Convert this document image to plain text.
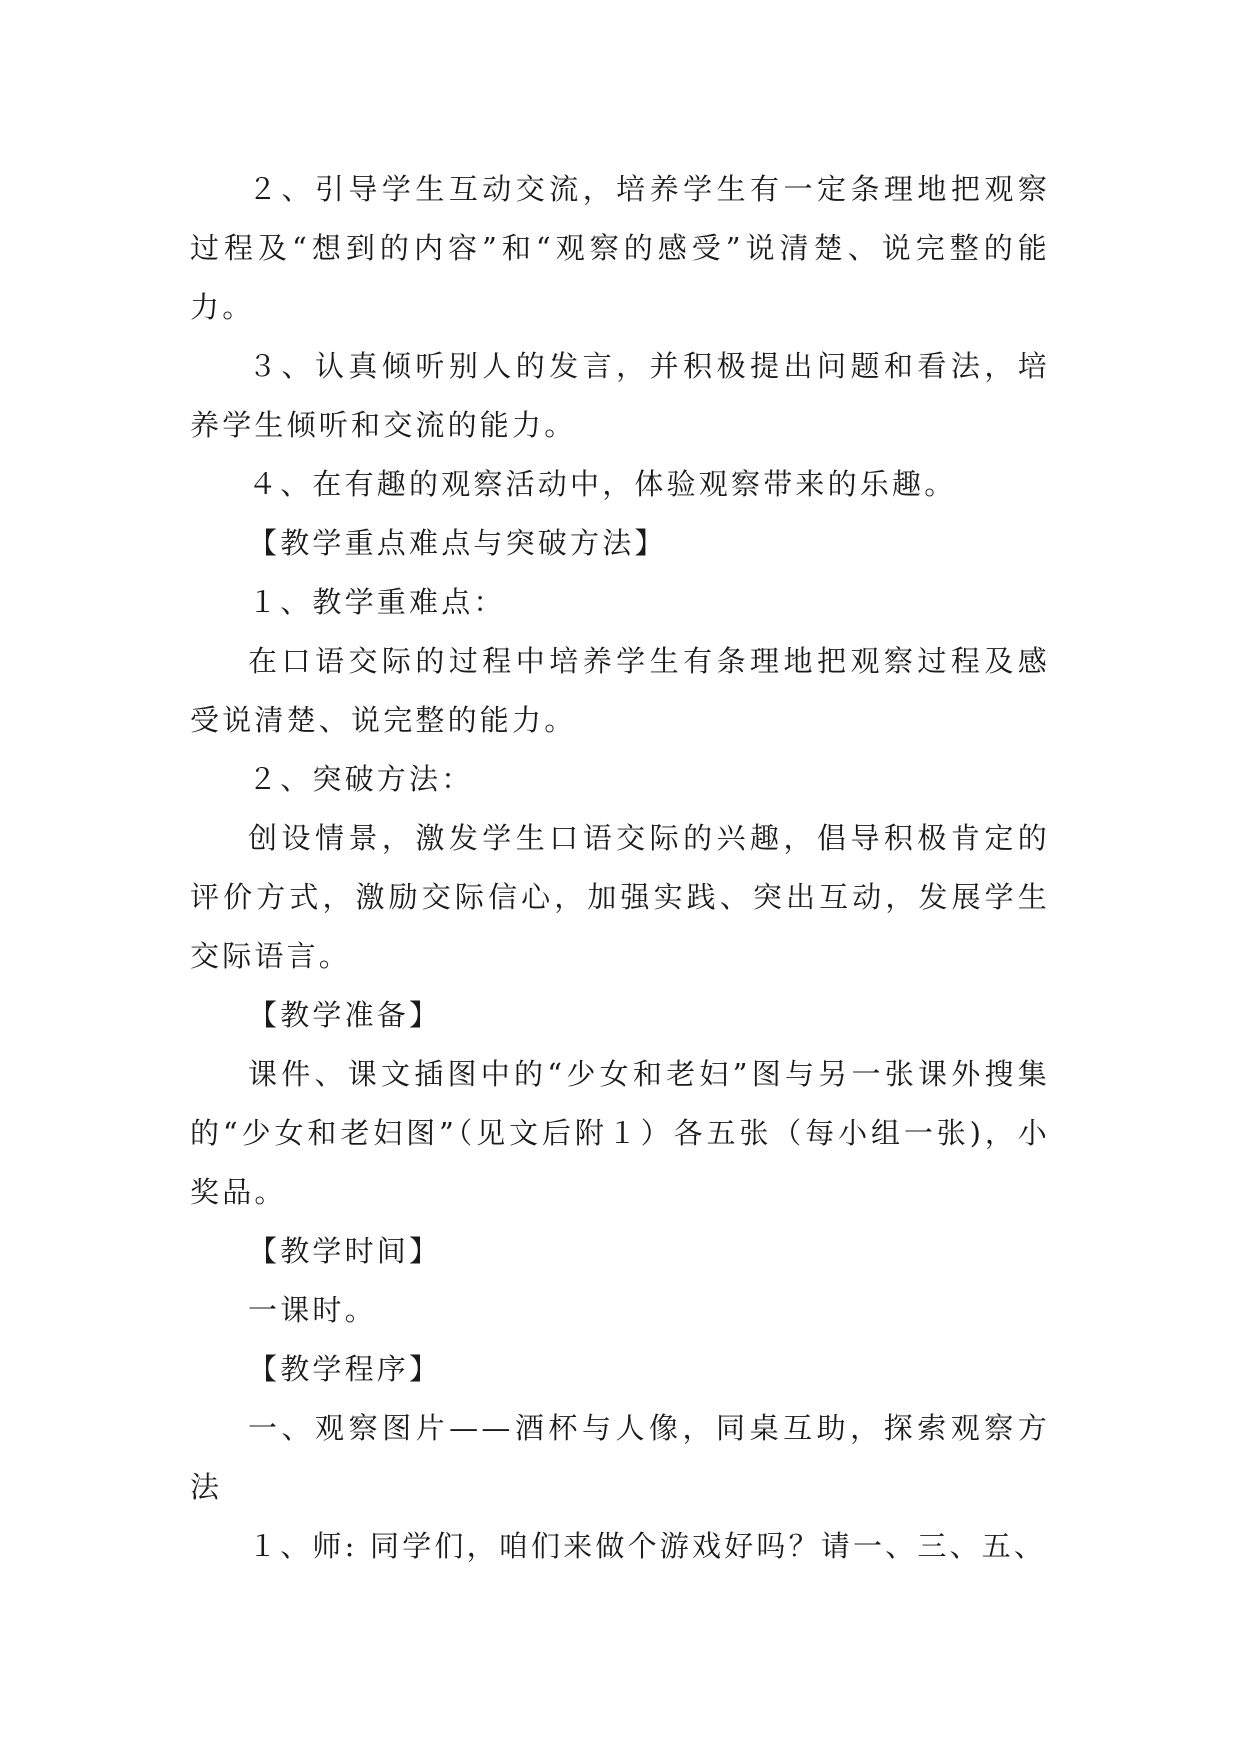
２、引导学生互动交流，培养学生有一定条理地把观察过程及“想到的内容”和“观察的感受”说清楚、说完整的能力。

３、认真倾听别人的发言，并积极提出问题和看法，培养学生倾听和交流的能力。

４、在有趣的观察活动中，体验观察带来的乐趣。

【教学重点难点与突破方法】

１、教学重难点：

在口语交际的过程中培养学生有条理地把观察过程及感受说清楚、说完整的能力。

２、突破方法：

创设情景，激发学生口语交际的兴趣，倡导积极肯定的评价方式，激励交际信心，加强实践、突出互动，发展学生交际语言。

【教学准备】

课件、课文插图中的“少女和老妇”图与另一张课外搜集的“少女和老妇图”（见文后附１）各五张（每小组一张)，小奖品。

【教学时间】

一课时。

【教学程序】

一、观察图片——酒杯与人像，同桌互助，探索观察方法

１、师: 同学们，咱们来做个游戏好吗？请一、三、五、
